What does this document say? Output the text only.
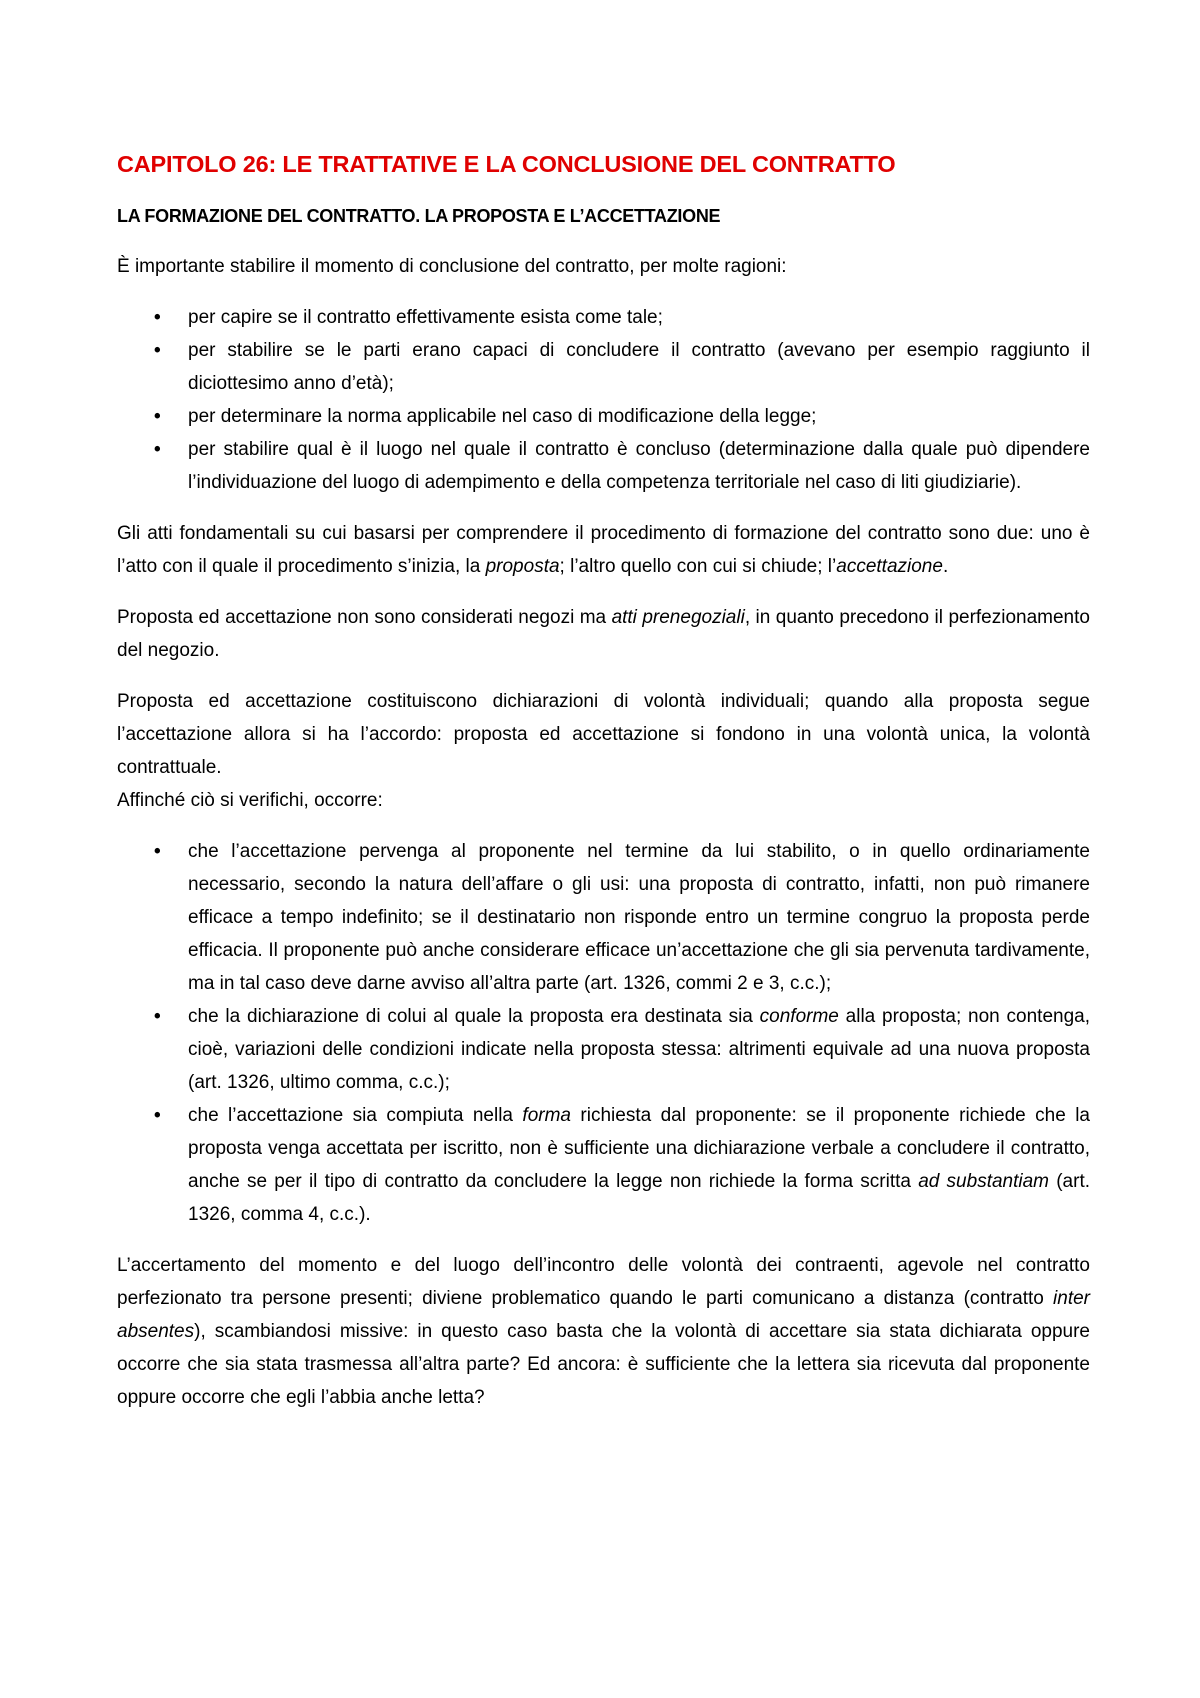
CAPITOLO 26: LE TRATTATIVE E LA CONCLUSIONE DEL CONTRATTO
LA FORMAZIONE DEL CONTRATTO. LA PROPOSTA E L’ACCETTAZIONE

È importante stabilire il momento di conclusione del contratto, per molte ragioni:

• per capire se il contratto effettivamente esista come tale;
• per stabilire se le parti erano capaci di concludere il contratto (avevano per esempio raggiunto il diciottesimo anno d’età);
• per determinare la norma applicabile nel caso di modificazione della legge;
• per stabilire qual è il luogo nel quale il contratto è concluso (determinazione dalla quale può dipendere l’individuazione del luogo di adempimento e della competenza territoriale nel caso di liti giudiziarie).

Gli atti fondamentali su cui basarsi per comprendere il procedimento di formazione del contratto sono due: uno è l’atto con il quale il procedimento s’inizia, la proposta; l’altro quello con cui si chiude; l’accettazione.

Proposta ed accettazione non sono considerati negozi ma atti prenegoziali, in quanto precedono il perfezionamento del negozio.

Proposta ed accettazione costituiscono dichiarazioni di volontà individuali; quando alla proposta segue l’accettazione allora si ha l’accordo: proposta ed accettazione si fondono in una volontà unica, la volontà contrattuale.

Affinché ciò si verifichi, occorre:

• che l’accettazione pervenga al proponente nel termine da lui stabilito, o in quello ordinariamente necessario, secondo la natura dell’affare o gli usi: una proposta di contratto, infatti, non può rimanere efficace a tempo indefinito; se il destinatario non risponde entro un termine congruo la proposta perde efficacia. Il proponente può anche considerare efficace un’accettazione che gli sia pervenuta tardivamente, ma in tal caso deve darne avviso all’altra parte (art. 1326, commi 2 e 3, c.c.);
• che la dichiarazione di colui al quale la proposta era destinata sia conforme alla proposta; non contenga, cioè, variazioni delle condizioni indicate nella proposta stessa: altrimenti equivale ad una nuova proposta (art. 1326, ultimo comma, c.c.);
• che l’accettazione sia compiuta nella forma richiesta dal proponente: se il proponente richiede che la proposta venga accettata per iscritto, non è sufficiente una dichiarazione verbale a concludere il contratto, anche se per il tipo di contratto da concludere la legge non richiede la forma scritta ad substantiam (art. 1326, comma 4, c.c.).

L’accertamento del momento e del luogo dell’incontro delle volontà dei contraenti, agevole nel contratto perfezionato tra persone presenti; diviene problematico quando le parti comunicano a distanza (contratto inter absentes), scambiandosi missive: in questo caso basta che la volontà di accettare sia stata dichiarata oppure occorre che sia stata trasmessa all’altra parte? Ed ancora: è sufficiente che la lettera sia ricevuta dal proponente oppure occorre che egli l’abbia anche letta?
